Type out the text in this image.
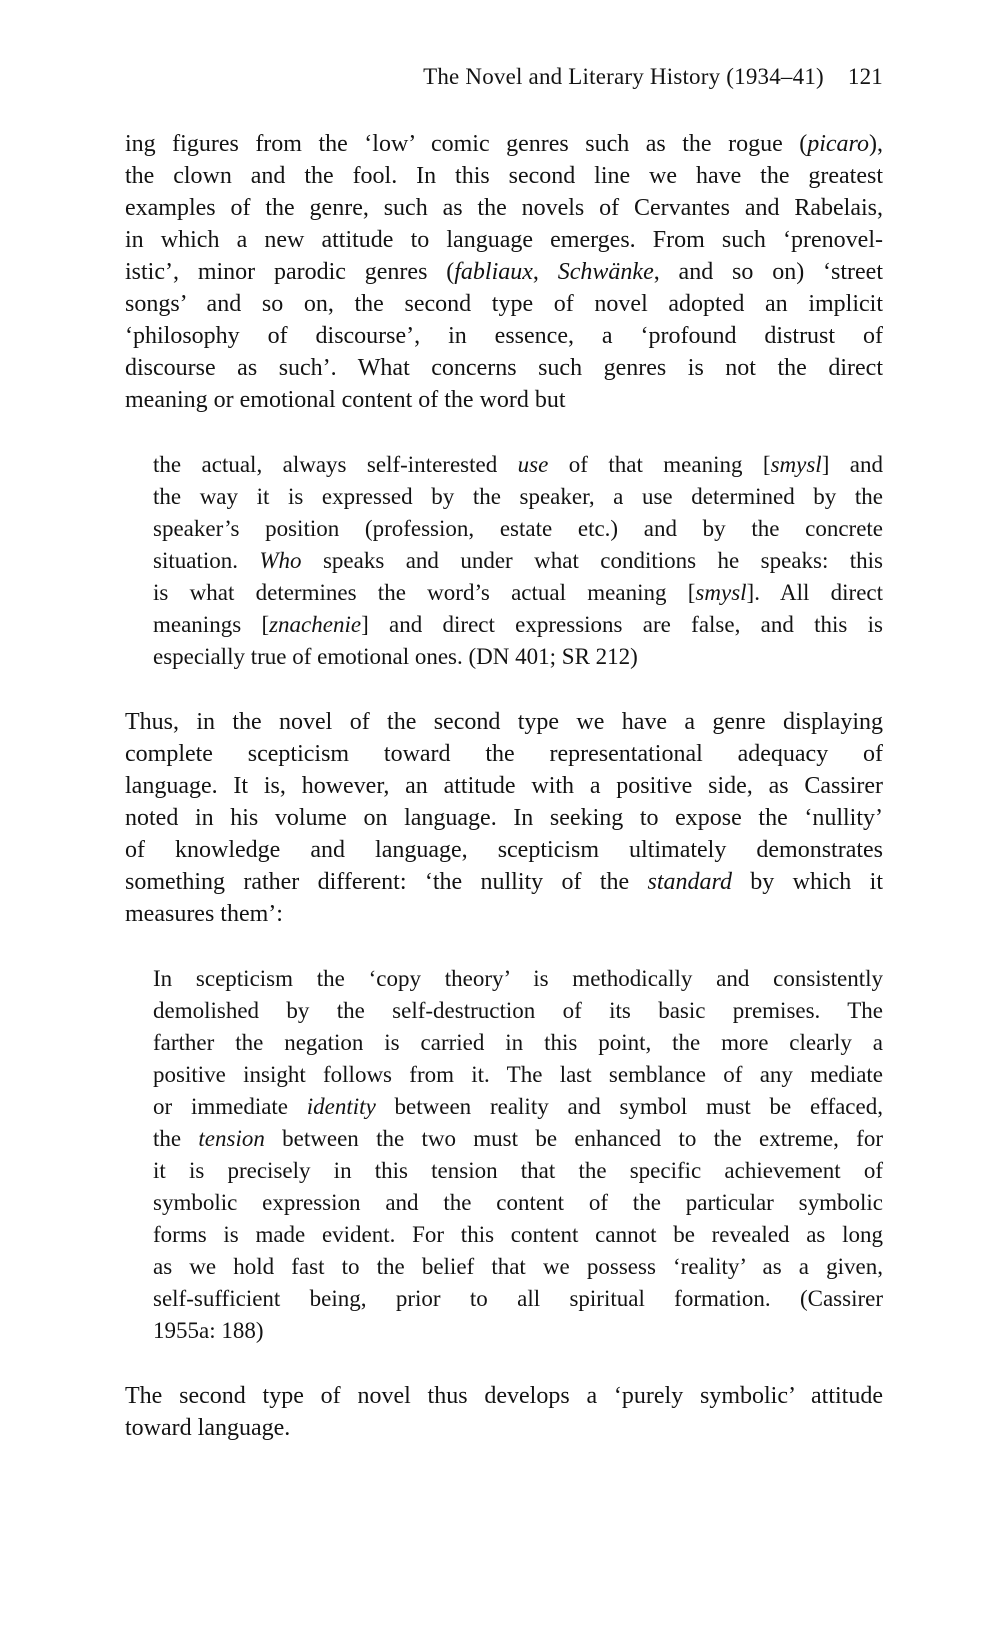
The Novel and Literary History (1934–41) 121
ing figures from the ‘low’ comic genres such as the rogue (picaro),
the clown and the fool. In this second line we have the greatest
examples of the genre, such as the novels of Cervantes and Rabelais,
in which a new attitude to language emerges. From such ‘prenovel-
istic’, minor parodic genres (fabliaux, Schwänke, and so on) ‘street
songs’ and so on, the second type of novel adopted an implicit
‘philosophy of discourse’, in essence, a ‘profound distrust of
discourse as such’. What concerns such genres is not the direct
meaning or emotional content of the word but
the actual, always self-interested use of that meaning [smysl] and
the way it is expressed by the speaker, a use determined by the
speaker’s position (profession, estate etc.) and by the concrete
situation. Who speaks and under what conditions he speaks: this
is what determines the word’s actual meaning [smysl]. All direct
meanings [znachenie] and direct expressions are false, and this is
especially true of emotional ones. (DN 401; SR 212)
Thus, in the novel of the second type we have a genre displaying
complete scepticism toward the representational adequacy of
language. It is, however, an attitude with a positive side, as Cassirer
noted in his volume on language. In seeking to expose the ‘nullity’
of knowledge and language, scepticism ultimately demonstrates
something rather different: ‘the nullity of the standard by which it
measures them’:
In scepticism the ‘copy theory’ is methodically and consistently
demolished by the self-destruction of its basic premises. The
farther the negation is carried in this point, the more clearly a
positive insight follows from it. The last semblance of any mediate
or immediate identity between reality and symbol must be effaced,
the tension between the two must be enhanced to the extreme, for
it is precisely in this tension that the specific achievement of
symbolic expression and the content of the particular symbolic
forms is made evident. For this content cannot be revealed as long
as we hold fast to the belief that we possess ‘reality’ as a given,
self-sufficient being, prior to all spiritual formation. (Cassirer
1955a: 188)
The second type of novel thus develops a ‘purely symbolic’ attitude
toward language.
